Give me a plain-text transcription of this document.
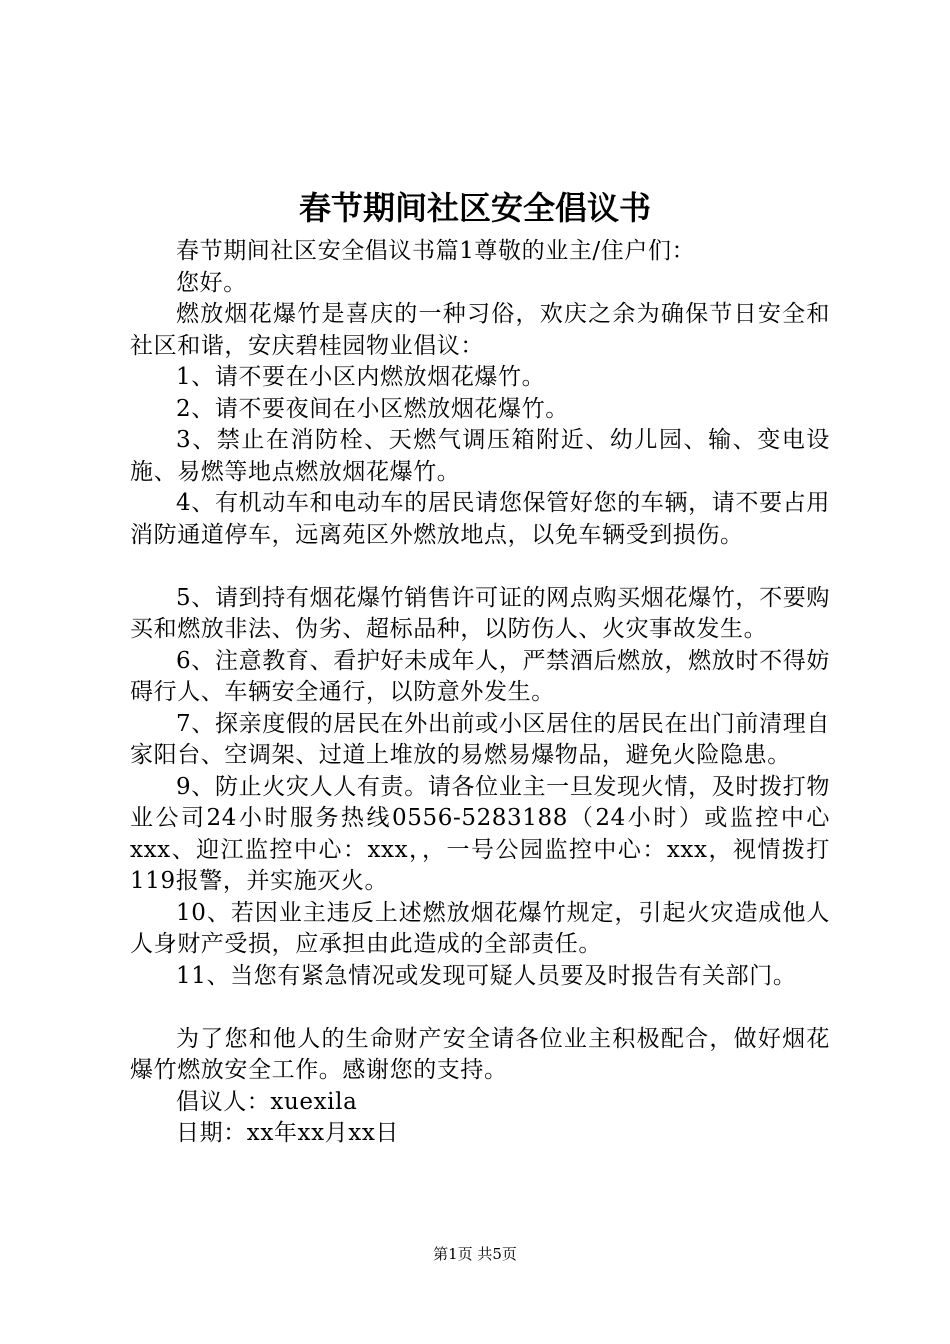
春节期间社区安全倡议书

春节期间社区安全倡议书篇1尊敬的业主/住户们：

您好。

燃放烟花爆竹是喜庆的一种习俗，欢庆之余为确保节日安全和社区和谐，安庆碧桂园物业倡议：

1、请不要在小区内燃放烟花爆竹。

2、请不要夜间在小区燃放烟花爆竹。

3、禁止在消防栓、天燃气调压箱附近、幼儿园、输、变电设施、易燃等地点燃放烟花爆竹。

4、有机动车和电动车的居民请您保管好您的车辆，请不要占用消防通道停车，远离苑区外燃放地点，以免车辆受到损伤。

5、请到持有烟花爆竹销售许可证的网点购买烟花爆竹，不要购买和燃放非法、伪劣、超标品种，以防伤人、火灾事故发生。

6、注意教育、看护好未成年人，严禁酒后燃放，燃放时不得妨碍行人、车辆安全通行，以防意外发生。

7、探亲度假的居民在外出前或小区居住的居民在出门前清理自家阳台、空调架、过道上堆放的易燃易爆物品，避免火险隐患。

9、防止火灾人人有责。请各位业主一旦发现火情，及时拨打物业公司24小时服务热线0556-5283188（24小时）或监控中心xxx、迎江监控中心：xxx，，一号公园监控中心：xxx，视情拨打119报警，并实施灭火。

10、若因业主违反上述燃放烟花爆竹规定，引起火灾造成他人人身财产受损，应承担由此造成的全部责任。

11、当您有紧急情况或发现可疑人员要及时报告有关部门。

为了您和他人的生命财产安全请各位业主积极配合，做好烟花爆竹燃放安全工作。感谢您的支持。

倡议人：xuexila

日期：xx年xx月xx日

第1页 共5页
